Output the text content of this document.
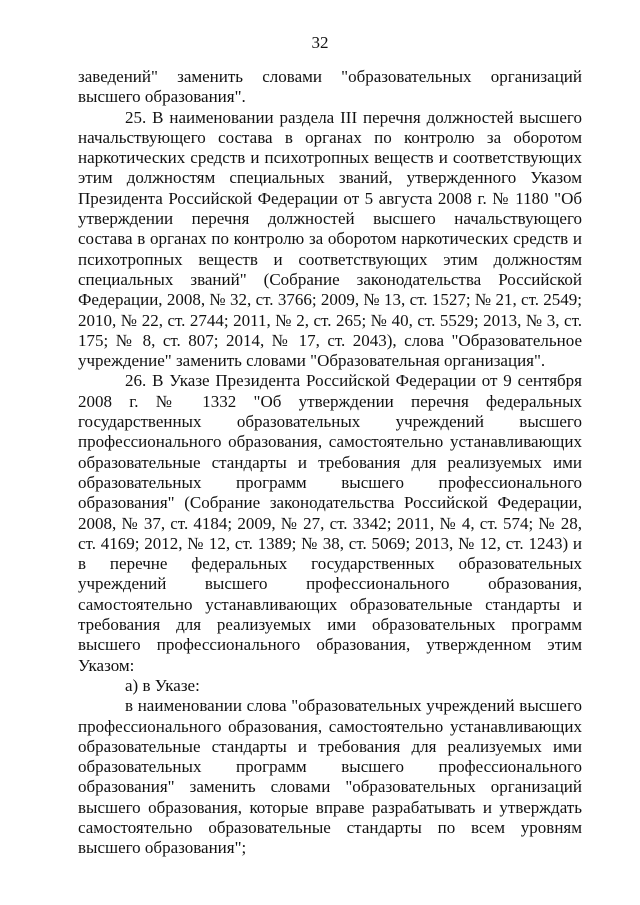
32

заведений" заменить словами "образовательных организаций высшего образования".

25. В наименовании раздела III перечня должностей высшего начальствующего состава в органах по контролю за оборотом наркотических средств и психотропных веществ и соответствующих этим должностям специальных званий, утвержденного Указом Президента Российской Федерации от 5 августа 2008 г. № 1180 "Об утверждении перечня должностей высшего начальствующего состава в органах по контролю за оборотом наркотических средств и психотропных веществ и соответствующих этим должностям специальных званий" (Собрание законодательства Российской Федерации, 2008, № 32, ст. 3766; 2009, № 13, ст. 1527; № 21, ст. 2549; 2010, № 22, ст. 2744; 2011, № 2, ст. 265; № 40, ст. 5529; 2013, № 3, ст. 175; № 8, ст. 807; 2014, № 17, ст. 2043), слова "Образовательное учреждение" заменить словами "Образовательная организация".

26. В Указе Президента Российской Федерации от 9 сентября 2008 г. № 1332 "Об утверждении перечня федеральных государственных образовательных учреждений высшего профессионального образования, самостоятельно устанавливающих образовательные стандарты и требования для реализуемых ими образовательных программ высшего профессионального образования" (Собрание законодательства Российской Федерации, 2008, № 37, ст. 4184; 2009, № 27, ст. 3342; 2011, № 4, ст. 574; № 28, ст. 4169; 2012, № 12, ст. 1389; № 38, ст. 5069; 2013, № 12, ст. 1243) и в перечне федеральных государственных образовательных учреждений высшего профессионального образования, самостоятельно устанавливающих образовательные стандарты и требования для реализуемых ими образовательных программ высшего профессионального образования, утвержденном этим Указом:

а) в Указе:

в наименовании слова "образовательных учреждений высшего профессионального образования, самостоятельно устанавливающих образовательные стандарты и требования для реализуемых ими образовательных программ высшего профессионального образования" заменить словами "образовательных организаций высшего образования, которые вправе разрабатывать и утверждать самостоятельно образовательные стандарты по всем уровням высшего образования";
